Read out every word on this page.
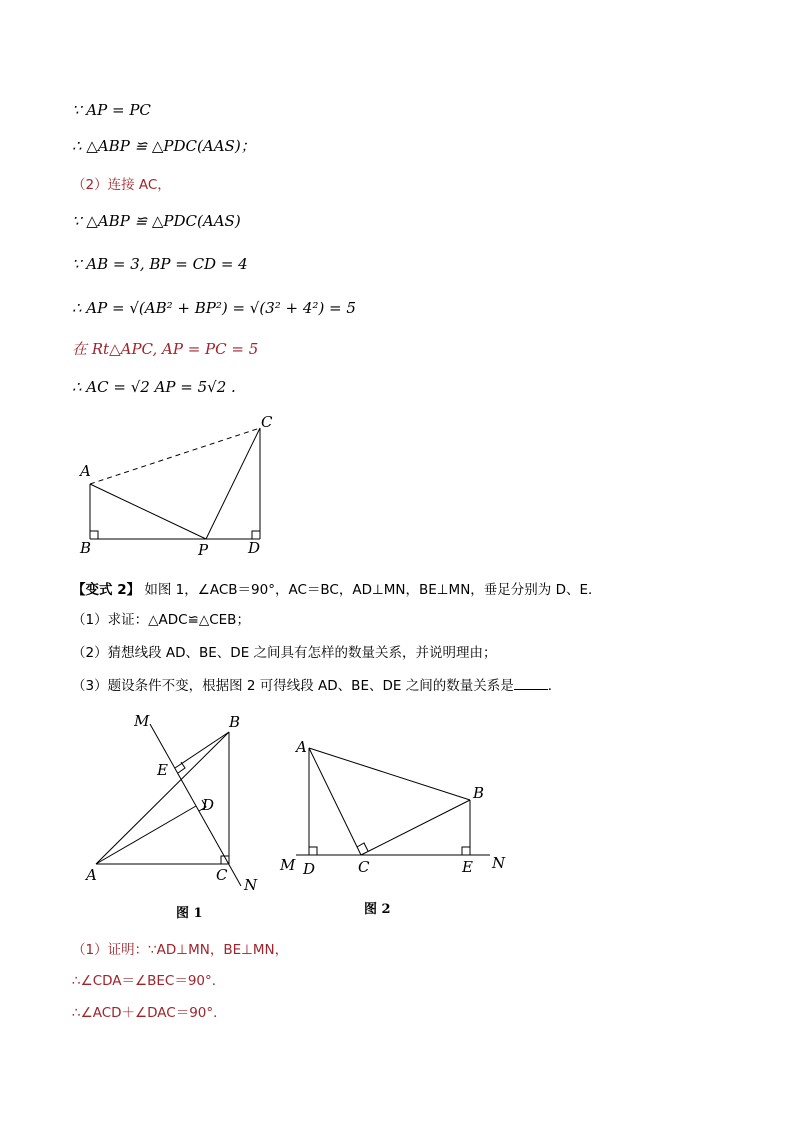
∵ AP = PC
∴ △ABP ≌ △PDC(AAS)；
（2）连接 AC，
∵ △ABP ≌ △PDC(AAS)
∵ AB = 3, BP = CD = 4
∴ AP = √(AB² + BP²) = √(3² + 4²) = 5
在 Rt△APC, AP = PC = 5
∴ AC = √2 AP = 5√2 .
A
B	P	D
C
【变式 2】 如图 1，∠ACB＝90°，AC＝BC，AD⊥MN，BE⊥MN，垂足分别为 D、E．
（1）求证：△ADC≌△CEB；
（2）猜想线段 AD、BE、DE 之间具有怎样的数量关系，并说明理由；
（3）题设条件不变，根据图 2 可得线段 AD、BE、DE 之间的数量关系是	．
M	B
E
D
A	C
N
图 1
A
B
M D	C	E N
图 2
（1）证明：∵AD⊥MN，BE⊥MN，
∴∠CDA＝∠BEC＝90°．
∴∠ACD＋∠DAC＝90°．
